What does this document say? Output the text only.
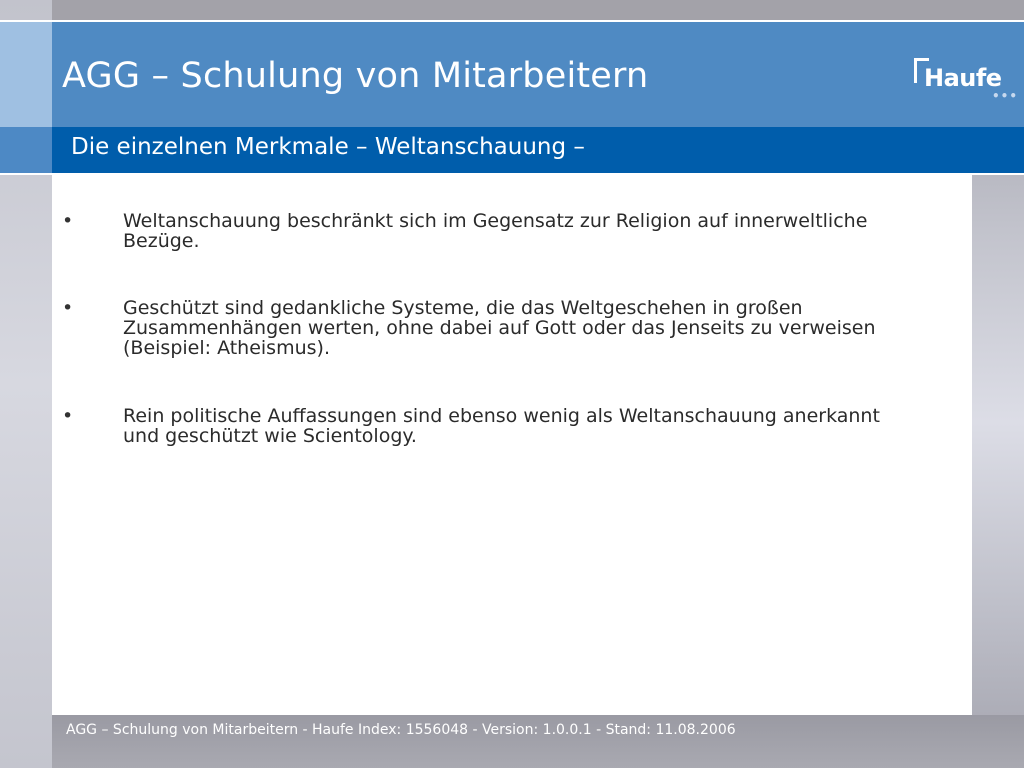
AGG – Schulung von Mitarbeitern	Haufe
•••
Die einzelnen Merkmale – Weltanschauung –
•	Weltanschauung beschränkt sich im Gegensatz zur Religion auf innerweltliche Bezüge.
•	Geschützt sind gedankliche Systeme, die das Weltgeschehen in großen Zusammenhängen werten, ohne dabei auf Gott oder das Jenseits zu verweisen (Beispiel: Atheismus).
•	Rein politische Auffassungen sind ebenso wenig als Weltanschauung anerkannt und geschützt wie Scientology.
AGG – Schulung von Mitarbeitern - Haufe Index: 1556048 - Version: 1.0.0.1 - Stand: 11.08.2006
